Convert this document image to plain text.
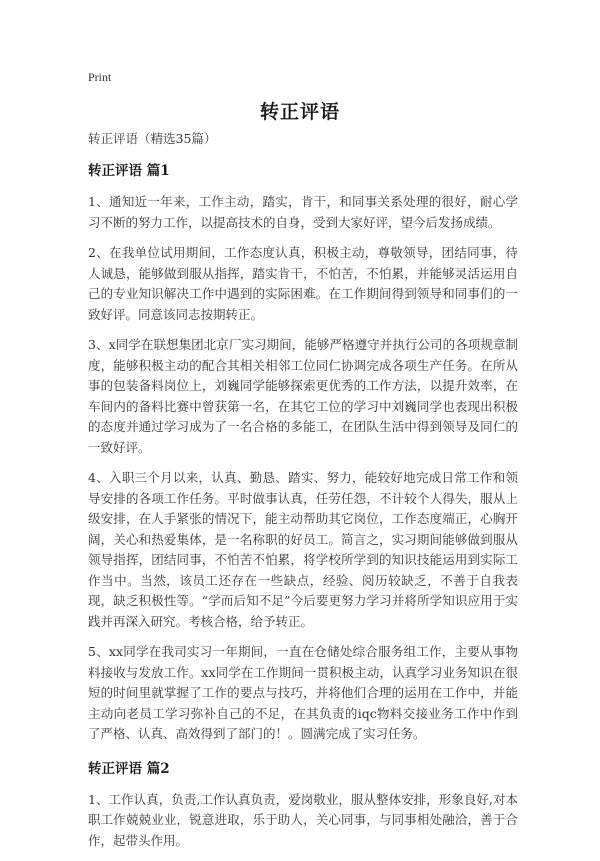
Print
转正评语

转正评语（精选35篇）

转正评语 篇1

1、通知近一年来，工作主动，踏实，肯干，和同事关系处理的很好，耐心学习不断的努力工作，以提高技术的自身，受到大家好评，望今后发扬成绩。

2、在我单位试用期间，工作态度认真，积极主动，尊敬领导，团结同事，待人诚恳，能够做到服从指挥，踏实肯干，不怕苦，不怕累，并能够灵活运用自己的专业知识解决工作中遇到的实际困难。在工作期间得到领导和同事们的一致好评。同意该同志按期转正。

3、x同学在联想集团北京厂实习期间，能够严格遵守并执行公司的各项规章制度，能够积极主动的配合其相关相邻工位同仁协调完成各项生产任务。在所从事的包装备料岗位上，刘巍同学能够探索更优秀的工作方法，以提升效率，在车间内的备料比赛中曾获第一名，在其它工位的学习中刘巍同学也表现出积极的态度并通过学习成为了一名合格的多能工，在团队生活中得到领导及同仁的一致好评。

4、入职三个月以来，认真、勤恳、踏实、努力，能较好地完成日常工作和领导安排的各项工作任务。平时做事认真，任劳任怨，不计较个人得失，服从上级安排，在人手紧张的情况下，能主动帮助其它岗位，工作态度端正，心胸开阔，关心和热爱集体，是一名称职的好员工。简言之，实习期间能够做到服从领导指挥，团结同事，不怕苦不怕累，将学校所学到的知识技能运用到实际工作当中。当然，该员工还存在一些缺点，经验、阅历较缺乏，不善于自我表现，缺乏积极性等。“学而后知不足”今后要更努力学习并将所学知识应用于实践并再深入研究。考核合格，给予转正。

5、xx同学在我司实习一年期间，一直在仓储处综合服务组工作，主要从事物料接收与发放工作。xx同学在工作期间一贯积极主动，认真学习业务知识在很短的时间里就掌握了工作的要点与技巧，并将他们合理的运用在工作中，并能主动向老员工学习弥补自己的不足，在其负责的iqc物料交接业务工作中作到了严格、认真、高效得到了部门的！。圆满完成了实习任务。

转正评语 篇2

1、工作认真，负责,工作认真负责，爱岗敬业，服从整体安排，形象良好,对本职工作兢兢业业，锐意进取，乐于助人，关心同事，与同事相处融洽，善于合作，起带头作用。
